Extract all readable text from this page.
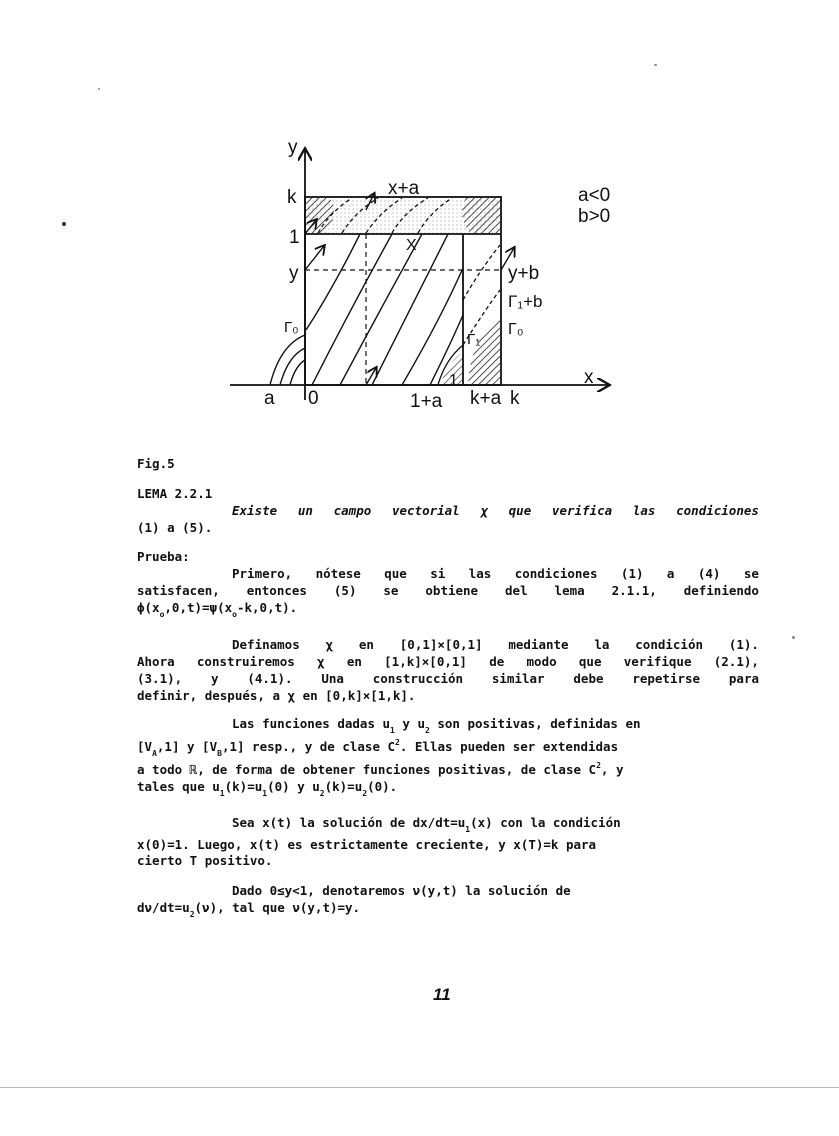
y
x
k
1
y
Γ₀
a 0	1+a k+a k
1
x+a
X
y+b
Γ₁+b
Γ₀
Γ₁
a<0
b>0
Fig.5
LEMA 2.2.1
Existe un campo vectorial χ que verifica las condiciones
(1) a (5).
Prueba:
Primero, nótese que si las condiciones (1) a (4) se
satisfacen, entonces (5) se obtiene del lema 2.1.1, definiendo
$\phi(x_o,0,t)=\psi(x_o-k,0,t)$.
Definamos χ en [0,1]×[0,1] mediante la condición (1).
Ahora construiremos χ en [1,k]×[0,1] de modo que verifique (2.1),
(3.1), y (4.1). Una construcción similar debe repetirse para
definir, después, a χ en [0,k]×[1,k].
Las funciones dadas $u_1$ y $u_2$ son positivas, definidas en
$[V_A,1]$ y $[V_B,1]$ resp., y de clase $C^2$. Ellas pueden ser extendidas
a todo ℝ, de forma de obtener funciones positivas, de clase $C^2$, y
tales que $u_1(k)=u_1(0)$ y $u_2(k)=u_2(0)$.
Sea x(t) la solución de $dx/dt=u_1(x)$ con la condición
x(0)=1. Luego, x(t) es estrictamente creciente, y x(T)=k para
cierto T positivo.
Dado 0≤y<1, denotaremos ν(y,t) la solución de
$d\nu/dt=u_2(\nu)$, tal que ν(y,t)=y.
11
